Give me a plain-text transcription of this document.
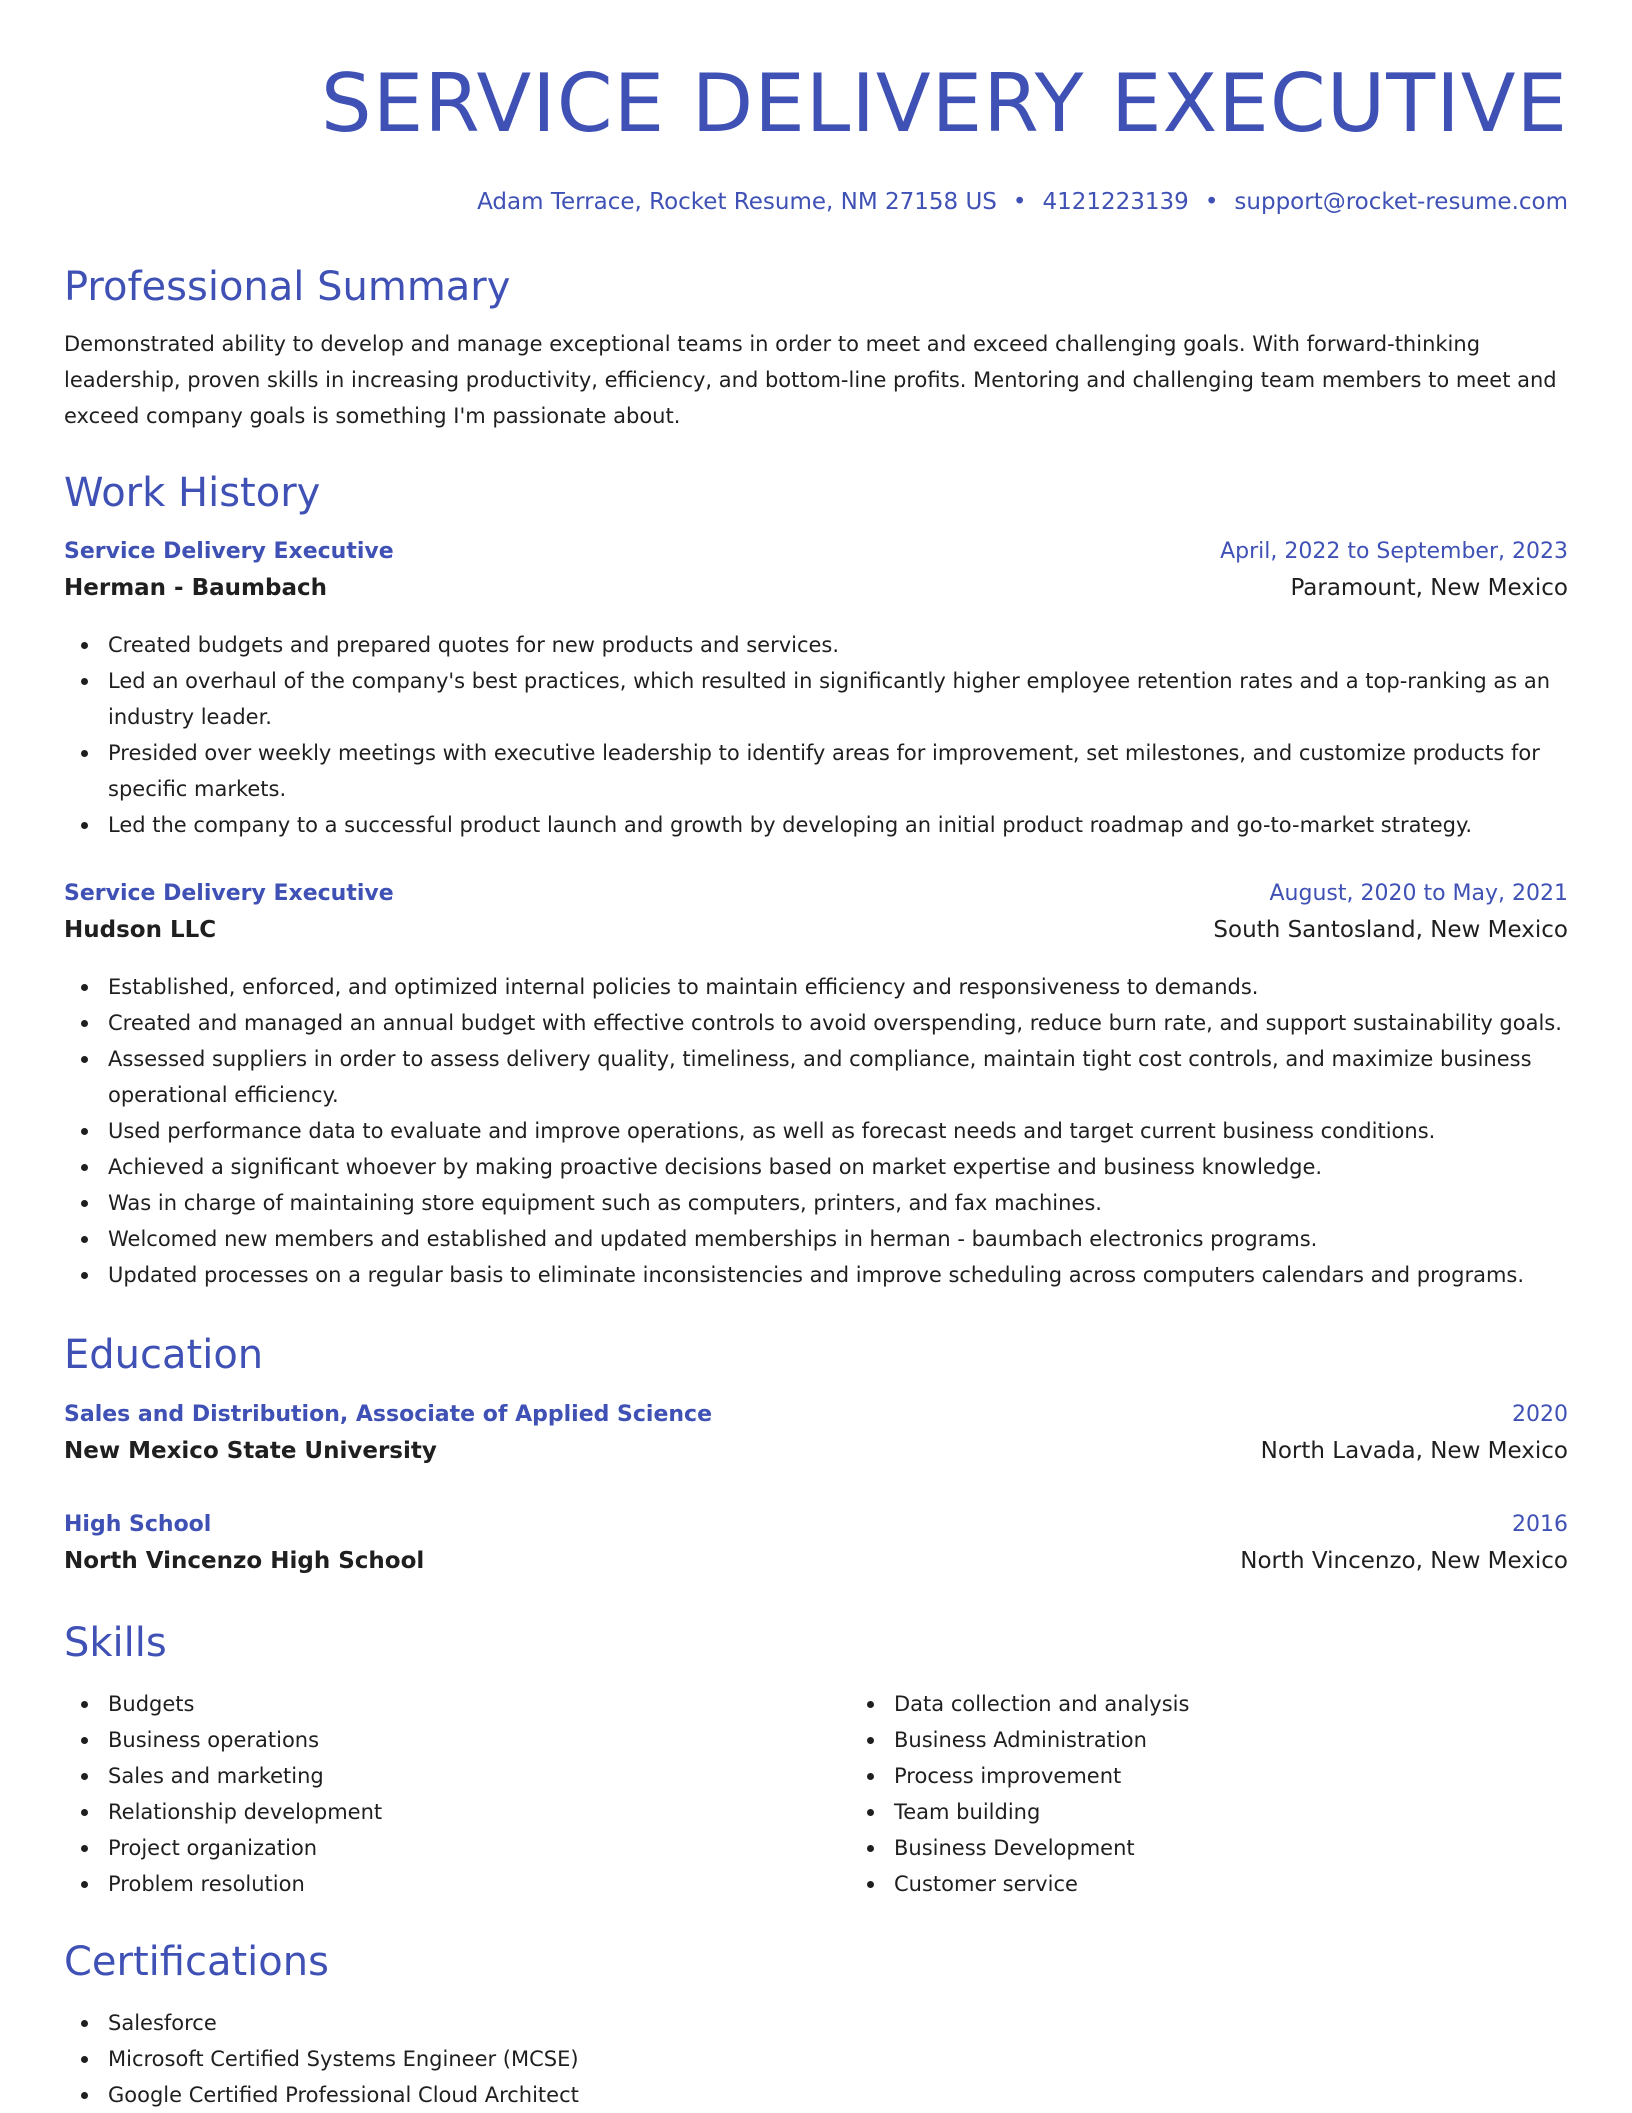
SERVICE DELIVERY EXECUTIVE
Adam Terrace, Rocket Resume, NM 27158 US • 4121223139 • support@rocket-resume.com
Professional Summary

Demonstrated ability to develop and manage exceptional teams in order to meet and exceed challenging goals. With forward-thinking leadership, proven skills in increasing productivity, efficiency, and bottom-line profits. Mentoring and challenging team members to meet and exceed company goals is something I'm passionate about.

Work History
Service Delivery Executive	April, 2022 to September, 2023
Herman - Baumbach	Paramount, New Mexico
Created budgets and prepared quotes for new products and services.
Led an overhaul of the company's best practices, which resulted in significantly higher employee retention rates and a top-ranking as an industry leader.
Presided over weekly meetings with executive leadership to identify areas for improvement, set milestones, and customize products for specific markets.
Led the company to a successful product launch and growth by developing an initial product roadmap and go-to-market strategy.
Service Delivery Executive	August, 2020 to May, 2021
Hudson LLC	South Santosland, New Mexico
Established, enforced, and optimized internal policies to maintain efficiency and responsiveness to demands.
Created and managed an annual budget with effective controls to avoid overspending, reduce burn rate, and support sustainability goals.
Assessed suppliers in order to assess delivery quality, timeliness, and compliance, maintain tight cost controls, and maximize business operational efficiency.
Used performance data to evaluate and improve operations, as well as forecast needs and target current business conditions.
Achieved a significant whoever by making proactive decisions based on market expertise and business knowledge.
Was in charge of maintaining store equipment such as computers, printers, and fax machines.
Welcomed new members and established and updated memberships in herman - baumbach electronics programs.
Updated processes on a regular basis to eliminate inconsistencies and improve scheduling across computers calendars and programs.
Education
Sales and Distribution, Associate of Applied Science	2020
New Mexico State University	North Lavada, New Mexico
High School	2016
North Vincenzo High School	North Vincenzo, New Mexico
Skills
Budgets
Business operations
Sales and marketing
Relationship development
Project organization
Problem resolution
Data collection and analysis
Business Administration
Process improvement
Team building
Business Development
Customer service
Certifications
Salesforce
Microsoft Certified Systems Engineer (MCSE)
Google Certified Professional Cloud Architect
